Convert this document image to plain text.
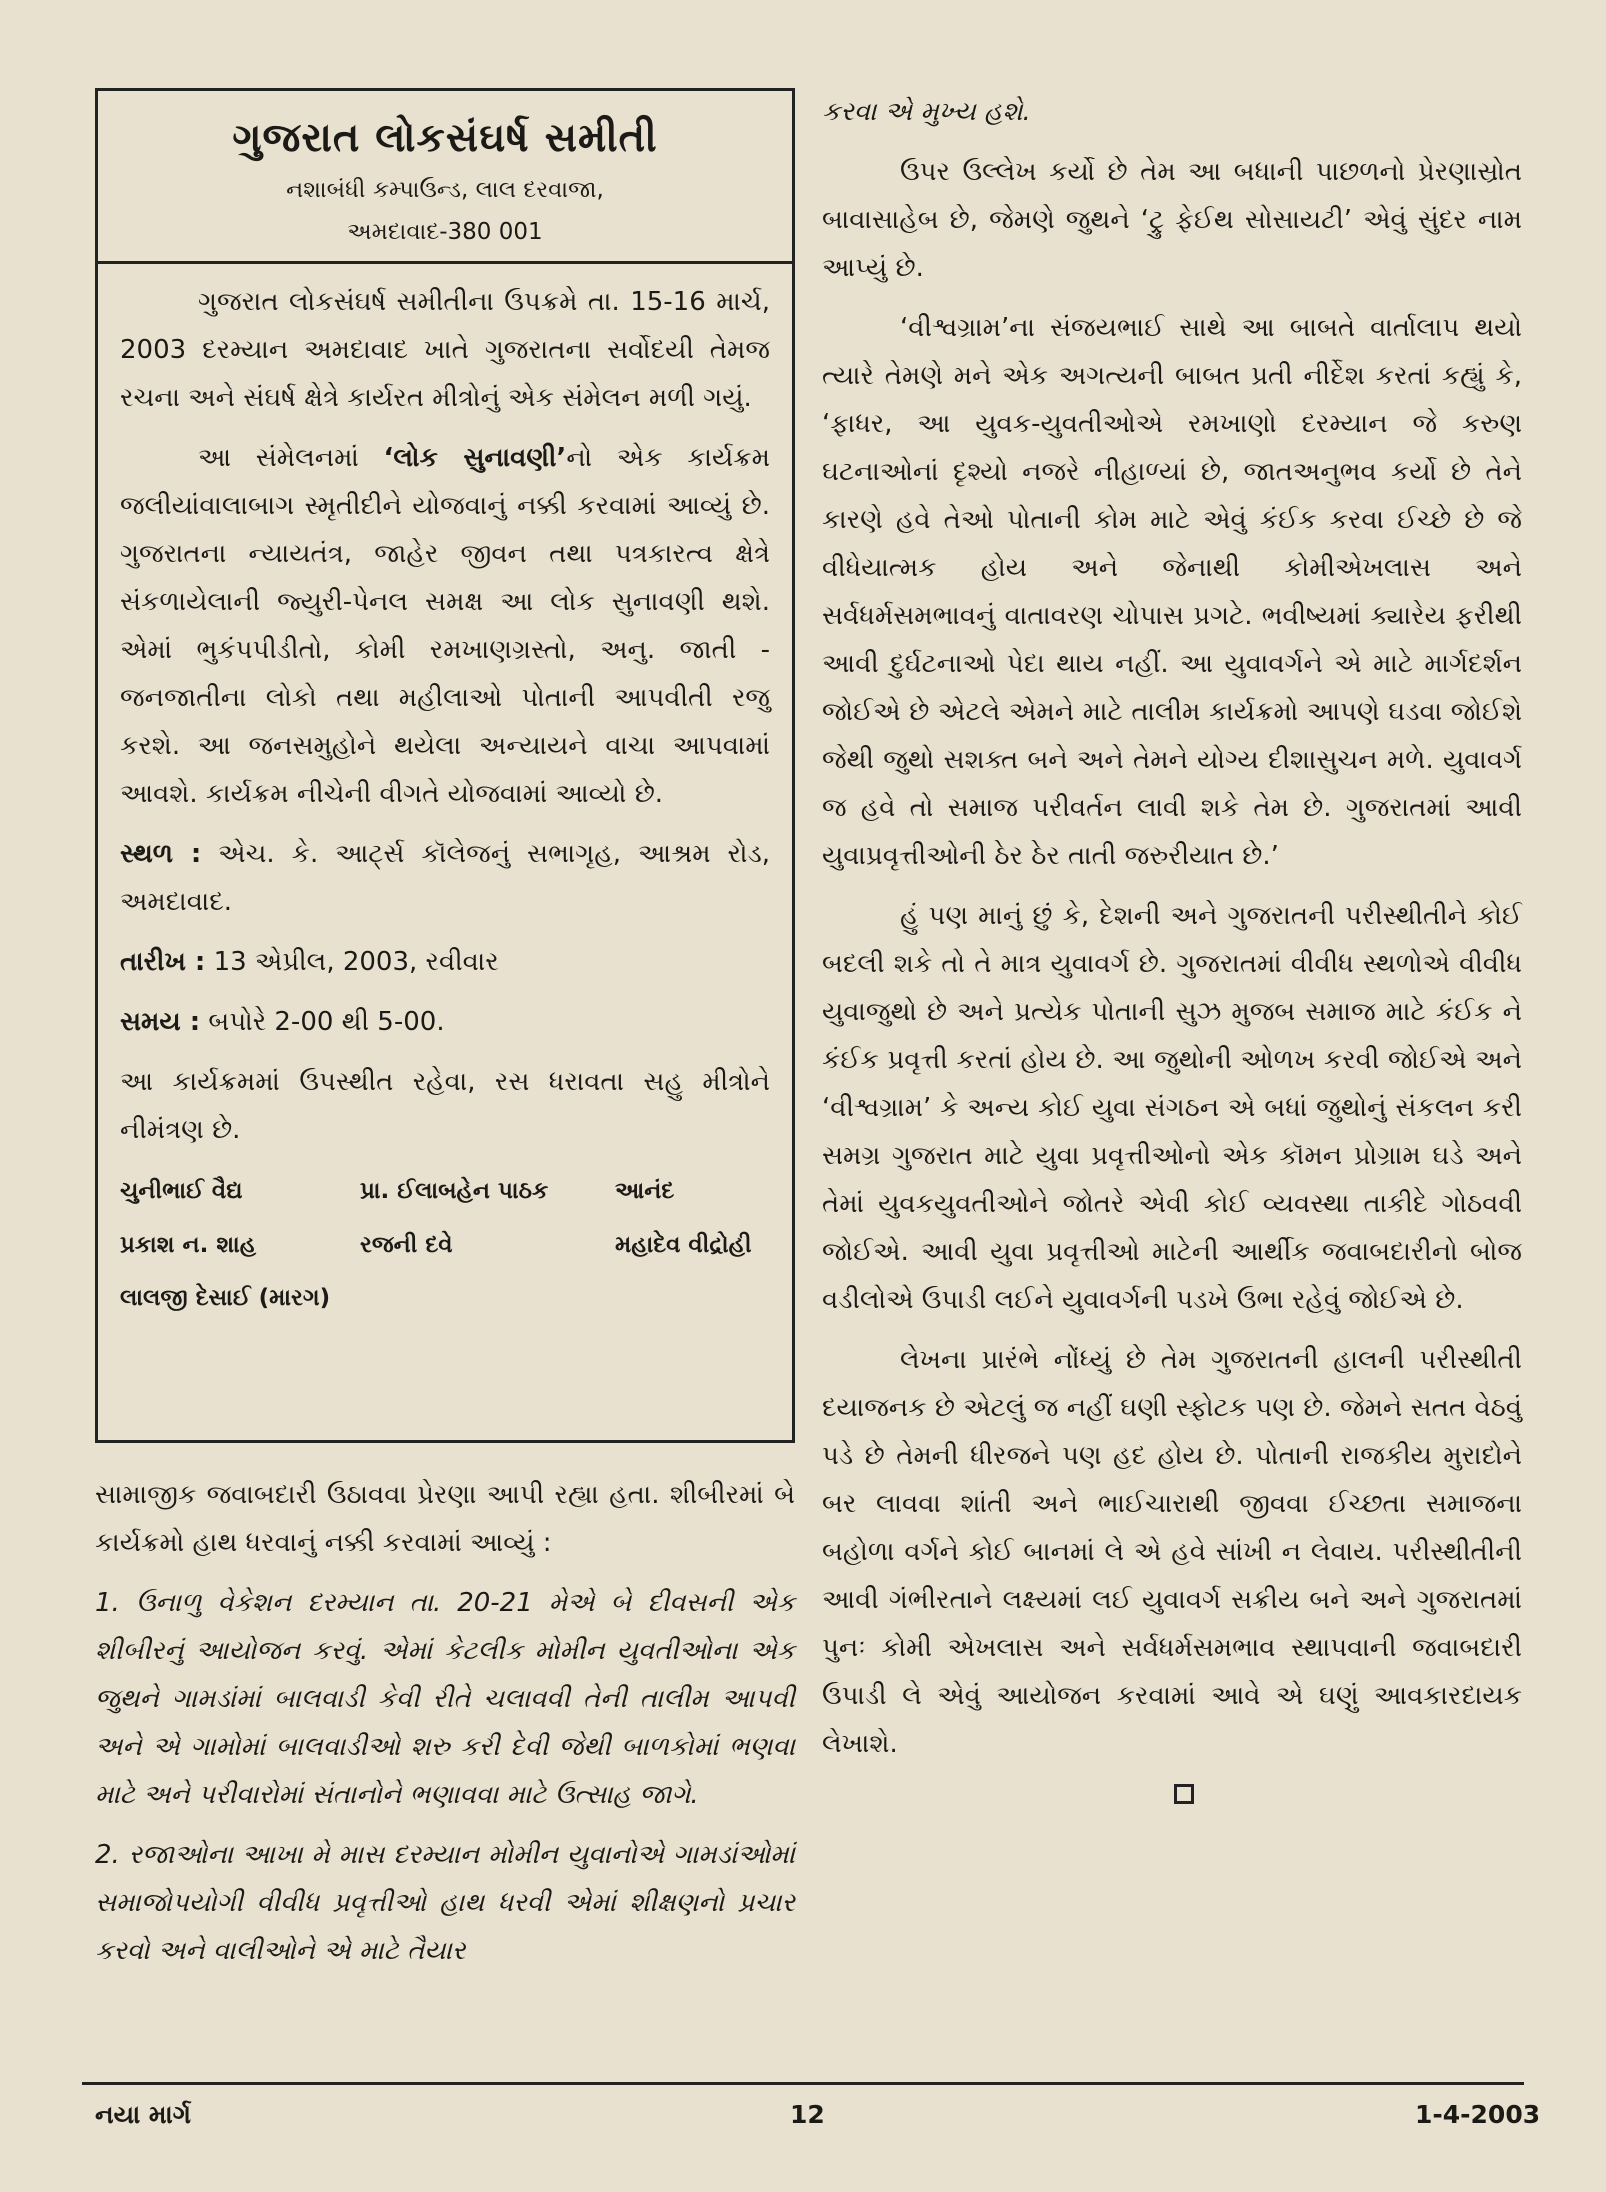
ગુજરાત લોકસંઘર્ષ સમીતી
નશાબંધી કમ્પાઉન્ડ, લાલ દરવાજા,
અમદાવાદ-380 001

ગુજરાત લોકસંઘર્ષ સમીતીના ઉપક્રમે તા. 15-16 માર્ચ, 2003 દરમ્યાન અમદાવાદ ખાતે ગુજરાતના સર્વોદયી તેમજ રચના અને સંઘર્ષ ક્ષેત્રે કાર્યરત મીત્રોનું એક સંમેલન મળી ગયું.

આ સંમેલનમાં ‘લોક સુનાવણી’નો એક કાર્યક્રમ જલીયાંવાલાબાગ સ્મૃતીદીને યોજવાનું નક્કી કરવામાં આવ્યું છે. ગુજરાતના ન્યાયતંત્ર, જાહેર જીવન તથા પત્રકારત્વ ક્ષેત્રે સંકળાયેલાની જ્યુરી-પેનલ સમક્ષ આ લોક સુનાવણી થશે. એમાં ભુકંપપીડીતો, કોમી રમખાણગ્રસ્તો, અનુ. જાતી - જનજાતીના લોકો તથા મહીલાઓ પોતાની આપવીતી રજુ કરશે. આ જનસમુહોને થયેલા અન્યાયને વાચા આપવામાં આવશે. કાર્યક્રમ નીચેની વીગતે યોજવામાં આવ્યો છે.

સ્થળ : એચ. કે. આર્ટ્સ કૉલેજનું સભાગૃહ, આશ્રમ રોડ, અમદાવાદ.

તારીખ : 13 એપ્રીલ, 2003, રવીવાર

સમય : બપોરે 2-00 થી 5-00.

આ કાર્યક્રમમાં ઉપસ્થીત રહેવા, રસ ધરાવતા સહુ મીત્રોને નીમંત્રણ છે.

ચુનીભાઈ વૈદ્ય	પ્રા. ઈલાબહેન પાઠક	આનંદ
પ્રકાશ ન. શાહ	રજની દવે	મહાદેવ વીદ્રોહી
લાલજી દેસાઈ (મારગ)

સામાજીક જવાબદારી ઉઠાવવા પ્રેરણા આપી રહ્યા હતા. શીબીરમાં બે કાર્યક્રમો હાથ ધરવાનું નક્કી કરવામાં આવ્યું :

1. ઉનાળુ વેકેશન દરમ્યાન તા. 20-21 મેએ બે દીવસની એક શીબીરનું આયોજન કરવું. એમાં કેટલીક મોમીન યુવતીઓના એક જુથને ગામડાંમાં બાલવાડી કેવી રીતે ચલાવવી તેની તાલીમ આપવી અને એ ગામોમાં બાલવાડીઓ શરુ કરી દેવી જેથી બાળકોમાં ભણવા માટે અને પરીવારોમાં સંતાનોને ભણાવવા માટે ઉત્સાહ જાગે.

2. રજાઓના આખા મે માસ દરમ્યાન મોમીન યુવાનોએ ગામડાંઓમાં સમાજોપયોગી વીવીધ પ્રવૃત્તીઓ હાથ ધરવી એમાં શીક્ષણનો પ્રચાર કરવો અને વાલીઓને એ માટે તૈયાર

કરવા એ મુખ્ય હશે.

ઉપર ઉલ્લેખ કર્યો છે તેમ આ બધાની પાછળનો પ્રેરણાસ્રોત બાવાસાહેબ છે, જેમણે જુથને ‘ટ્રુ ફેઈથ સોસાયટી’ એવું સુંદર નામ આપ્યું છે.

‘વીશ્વગ્રામ’ના સંજયભાઈ સાથે આ બાબતે વાર્તાલાપ થયો ત્યારે તેમણે મને એક અગત્યની બાબત પ્રતી નીર્દેશ કરતાં કહ્યું કે, ‘ફાધર, આ યુવક-યુવતીઓએ રમખાણો દરમ્યાન જે કરુણ ઘટનાઓનાં દૃશ્યો નજરે નીહાળ્યાં છે, જાતઅનુભવ કર્યો છે તેને કારણે હવે તેઓ પોતાની કોમ માટે એવું કંઈક કરવા ઈચ્છે છે જે વીધેયાત્મક હોય અને જેનાથી કોમીએખલાસ અને સર્વધર્મસમભાવનું વાતાવરણ ચોપાસ પ્રગટે. ભવીષ્યમાં ક્યારેય ફરીથી આવી દુર્ઘટનાઓ પેદા થાય નહીં. આ યુવાવર્ગને એ માટે માર્ગદર્શન જોઈએ છે એટલે એમને માટે તાલીમ કાર્યક્રમો આપણે ઘડવા જોઈશે જેથી જુથો સશક્ત બને અને તેમને યોગ્ય દીશાસુચન મળે. યુવાવર્ગ જ હવે તો સમાજ પરીવર્તન લાવી શકે તેમ છે. ગુજરાતમાં આવી યુવાપ્રવૃત્તીઓની ઠેર ઠેર તાતી જરુરીયાત છે.’

હું પણ માનું છું કે, દેશની અને ગુજરાતની પરીસ્થીતીને કોઈ બદલી શકે તો તે માત્ર યુવાવર્ગ છે. ગુજરાતમાં વીવીધ સ્થળોએ વીવીધ યુવાજુથો છે અને પ્રત્યેક પોતાની સુઝ મુજબ સમાજ માટે કંઈક ને કંઈક પ્રવૃત્તી કરતાં હોય છે. આ જુથોની ઓળખ કરવી જોઈએ અને ‘વીશ્વગ્રામ’ કે અન્ય કોઈ યુવા સંગઠન એ બધાં જુથોનું સંકલન કરી સમગ્ર ગુજરાત માટે યુવા પ્રવૃત્તીઓનો એક કૉમન પ્રોગ્રામ ઘડે અને તેમાં યુવકયુવતીઓને જોતરે એવી કોઈ વ્યવસ્થા તાકીદે ગોઠવવી જોઈએ. આવી યુવા પ્રવૃત્તીઓ માટેની આર્થીક જવાબદારીનો બોજ વડીલોએ ઉપાડી લઈને યુવાવર્ગની પડખે ઉભા રહેવું જોઈએ છે.

લેખના પ્રારંભે નોંધ્યું છે તેમ ગુજરાતની હાલની પરીસ્થીતી દયાજનક છે એટલું જ નહીં ઘણી સ્ફોટક પણ છે. જેમને સતત વેઠવું પડે છે તેમની ધીરજને પણ હદ હોય છે. પોતાની રાજકીય મુરાદોને બર લાવવા શાંતી અને ભાઈચારાથી જીવવા ઈચ્છતા સમાજના બહોળા વર્ગને કોઈ બાનમાં લે એ હવે સાંખી ન લેવાય. પરીસ્થીતીની આવી ગંભીરતાને લક્ષ્યમાં લઈ યુવાવર્ગ સક્રીય બને અને ગુજરાતમાં પુનઃ કોમી એખલાસ અને સર્વધર્મસમભાવ સ્થાપવાની જવાબદારી ઉપાડી લે એવું આયોજન કરવામાં આવે એ ઘણું આવકારદાયક લેખાશે.

નયા માર્ગ	12	1-4-2003
